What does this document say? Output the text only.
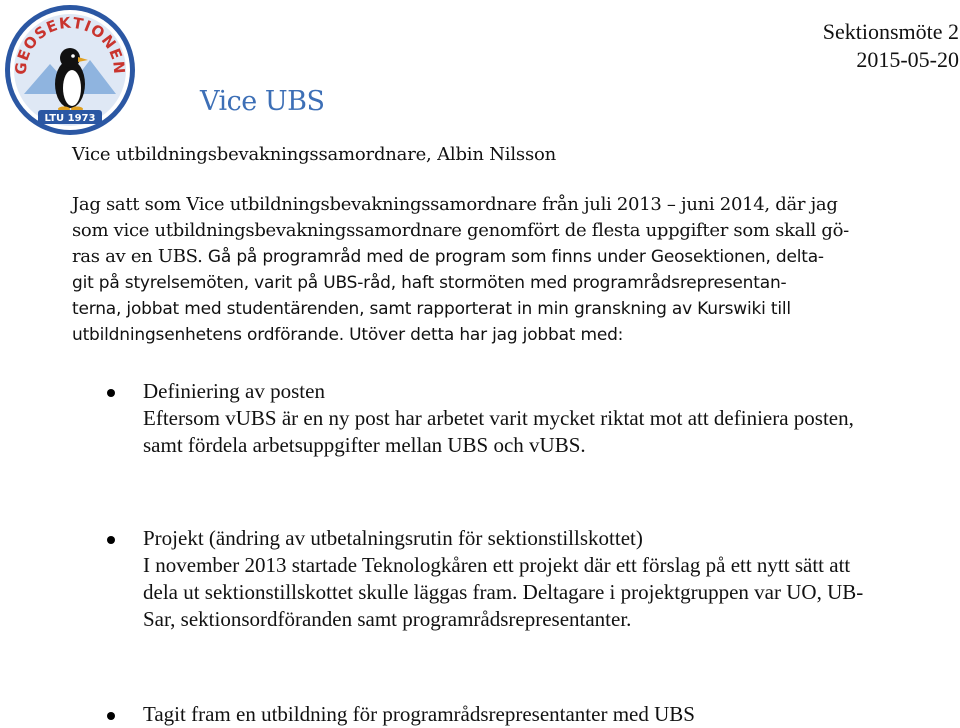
GEOSEKTIONEN
LTU 1973
Sektionsmöte 2
2015-05-20
Vice UBS
Vice utbildningsbevakningssamordnare, Albin Nilsson
Jag satt som Vice utbildningsbevakningssamordnare från juli 2013 – juni 2014, där jag
som vice utbildningsbevakningssamordnare genomfört de flesta uppgifter som skall gö-
ras av en UBS. Gå på programråd med de program som finns under Geosektionen, delta-
git på styrelsemöten, varit på UBS-råd, haft stormöten med programrådsrepresentan-
terna, jobbat med studentärenden, samt rapporterat in min granskning av Kurswiki till
utbildningsenhetens ordförande. Utöver detta har jag jobbat med:
Definiering av posten
Eftersom vUBS är en ny post har arbetet varit mycket riktat mot att definiera posten,
samt fördela arbetsuppgifter mellan UBS och vUBS.
Projekt (ändring av utbetalningsrutin för sektionstillskottet)
I november 2013 startade Teknologkåren ett projekt där ett förslag på ett nytt sätt att
dela ut sektionstillskottet skulle läggas fram. Deltagare i projektgruppen var UO, UB-
Sar, sektionsordföranden samt programrådsrepresentanter.
Tagit fram en utbildning för programrådsrepresentanter med UBS
